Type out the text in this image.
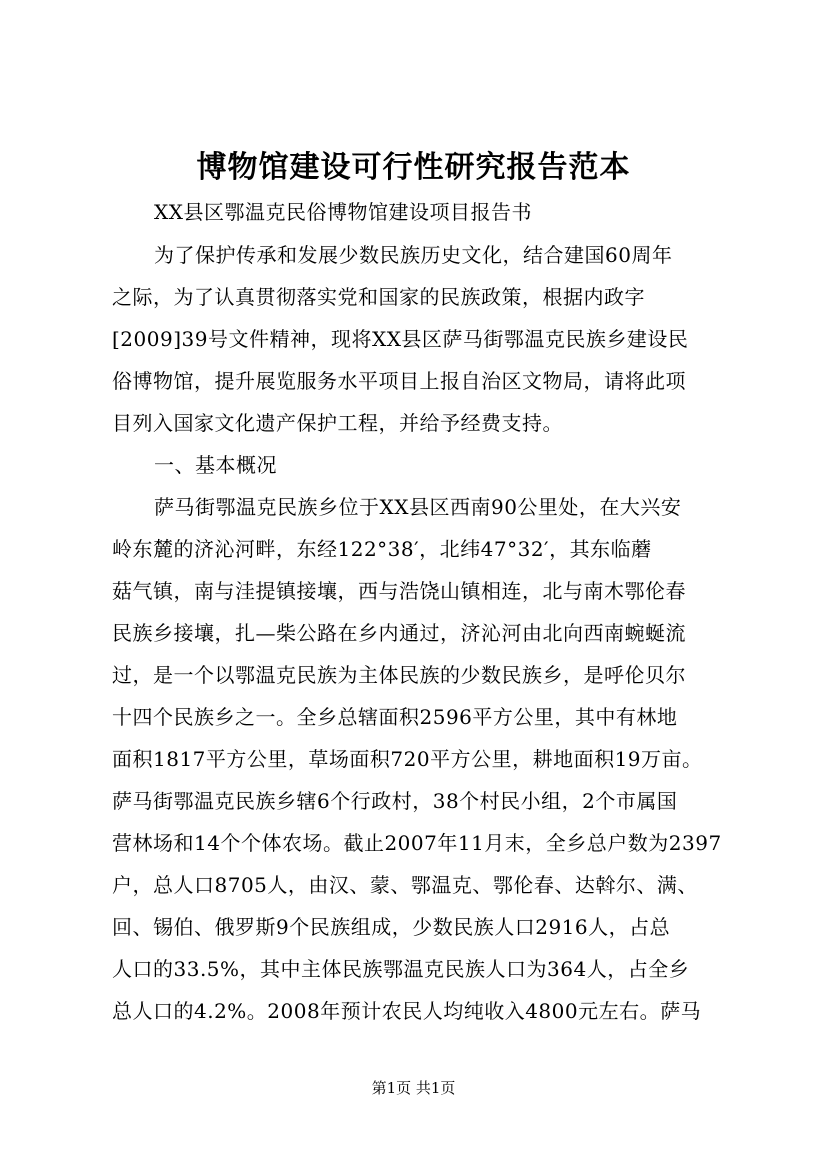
博物馆建设可行性研究报告范本
XX县区鄂温克民俗博物馆建设项目报告书
为了保护传承和发展少数民族历史文化，结合建国60周年
之际，为了认真贯彻落实党和国家的民族政策，根据内政字
[2009]39号文件精神，现将XX县区萨马街鄂温克民族乡建设民
俗博物馆，提升展览服务水平项目上报自治区文物局，请将此项
目列入国家文化遗产保护工程，并给予经费支持。
一、基本概况
萨马街鄂温克民族乡位于XX县区西南90公里处，在大兴安
岭东麓的济沁河畔，东经122°38′，北纬47°32′，其东临蘑
菇气镇，南与洼提镇接壤，西与浩饶山镇相连，北与南木鄂伦春
民族乡接壤，扎—柴公路在乡内通过，济沁河由北向西南蜿蜒流
过，是一个以鄂温克民族为主体民族的少数民族乡，是呼伦贝尔
十四个民族乡之一。全乡总辖面积2596平方公里，其中有林地
面积1817平方公里，草场面积720平方公里，耕地面积19万亩。
萨马街鄂温克民族乡辖6个行政村，38个村民小组，2个市属国
营林场和14个个体农场。截止2007年11月末，全乡总户数为2397
户，总人口8705人，由汉、蒙、鄂温克、鄂伦春、达斡尔、满、
回、锡伯、俄罗斯9个民族组成，少数民族人口2916人，占总
人口的33.5%，其中主体民族鄂温克民族人口为364人，占全乡
总人口的4.2%。2008年预计农民人均纯收入4800元左右。萨马
第1页 共1页
